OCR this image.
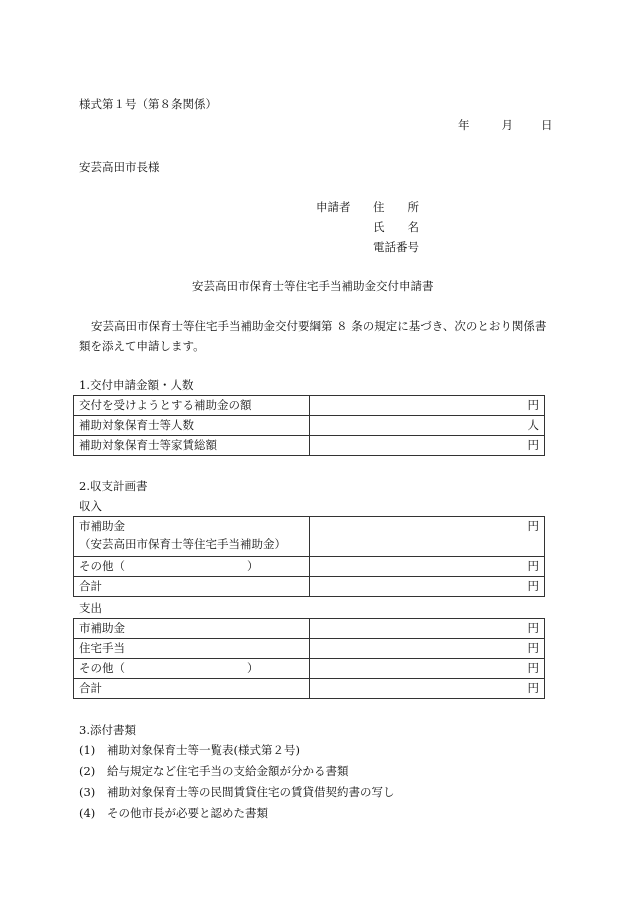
様式第１号（第８条関係）
年	月 日
安芸高田市長様
申請者 住　　所
氏　　名
電話番号
安芸高田市保育士等住宅手当補助金交付申請書
安芸高田市保育士等住宅手当補助金交付要綱第 ８ 条の規定に基づき、次のとおり関係書類を添えて申請します。
1.交付申請金額・人数
交付を受けようとする補助金の額	円
補助対象保育士等人数	人
補助対象保育士等家賃総額	円
2.収支計画書
収入
市補助金
（安芸高田市保育士等住宅手当補助金）	円
その他（ ）	円
合計	円
支出
市補助金	円
住宅手当	円
その他（ ）	円
合計	円
3.添付書類
(1) 補助対象保育士等一覧表(様式第２号)
(2) 給与規定など住宅手当の支給金額が分かる書類
(3) 補助対象保育士等の民間賃貸住宅の賃貸借契約書の写し
(4) その他市長が必要と認めた書類
